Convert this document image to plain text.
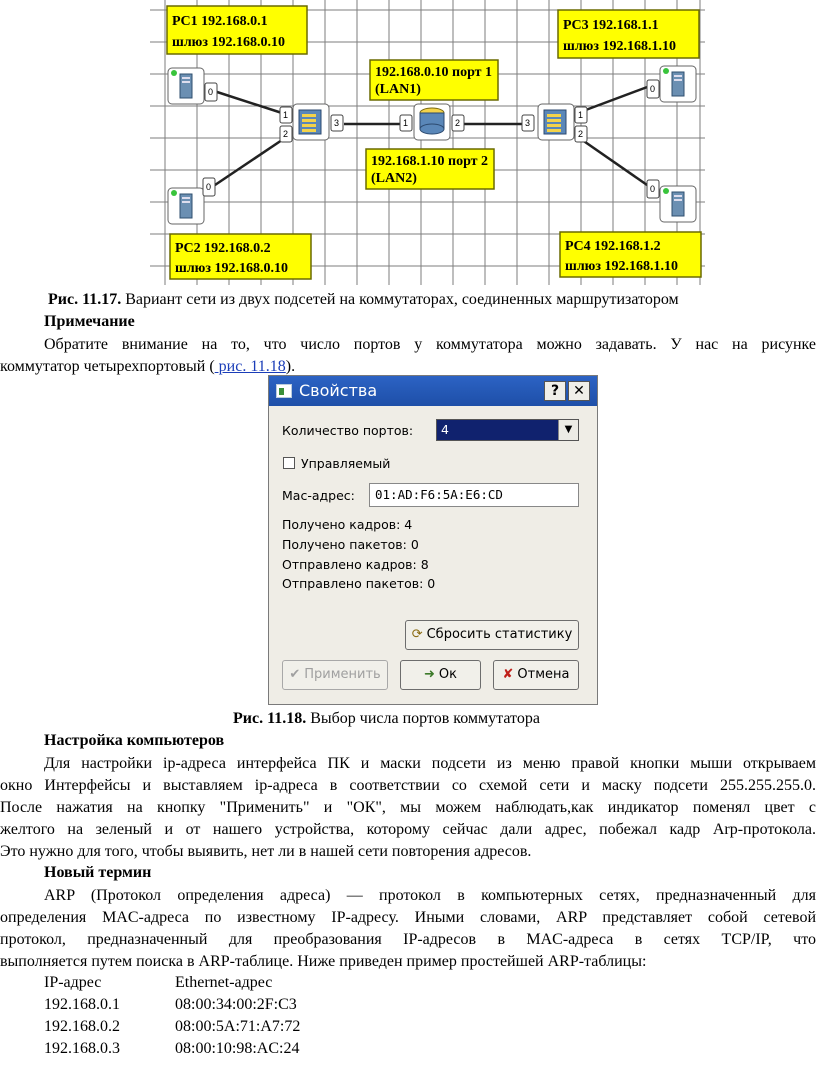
PC1 192.168.0.1
шлюз 192.168.0.10
PC3 192.168.1.1
шлюз 192.168.1.10
192.168.0.10 порт 1
(LAN1)
192.168.1.10 порт 2
(LAN2)
PC2 192.168.0.2
шлюз 192.168.0.10
PC4 192.168.1.2
шлюз 192.168.1.10
0
0
0
0
1
2
3	1	2	3
1
2
Рис. 11.17. Вариант сети из двух подсетей на коммутаторах, соединенных маршрутизатором
Примечание
Обратите внимание на то, что число портов у коммутатора можно задавать. У нас на рисунке
коммутатор четырехпортовый ( рис. 11.18).
Свойства	?	✕
Количество портов:	4	▼
Управляемый
Mac-адрес:	01:AD:F6:5A:E6:CD
Получено кадров: 4
Получено пакетов: 0
Отправлено кадров: 8
Отправлено пакетов: 0
⟳ Сбросить статистику
✔ Применить	➜ Ок	✘ Отмена
Рис. 11.18. Выбор числа портов коммутатора
Настройка компьютеров
Для настройки ip-адреса интерфейса ПК и маски подсети из меню правой кнопки мыши открываем
окно Интерфейсы и выставляем ip-адреса в соответствии со схемой сети и маску подсети 255.255.255.0.
После нажатия на кнопку "Применить" и "ОК", мы можем наблюдать,как индикатор поменял цвет с
желтого на зеленый и от нашего устройства, которому сейчас дали адрес, побежал кадр Arp-протокола.
Это нужно для того, чтобы выявить, нет ли в нашей сети повторения адресов.
Новый термин
ARP (Протокол определения адреса) — протокол в компьютерных сетях, предназначенный для
определения MAC-адреса по известному IP-адресу. Иными словами, ARP представляет собой сетевой
протокол, предназначенный для преобразования IP-адресов в MAC-адреса в сетях TCP/IP, что
выполняется путем поиска в ARP-таблице. Ниже приведен пример простейшей ARP-таблицы:
IP-адрес	Ethernet-адрес
192.168.0.1	08:00:34:00:2F:C3
192.168.0.2	08:00:5A:71:A7:72
192.168.0.3	08:00:10:98:AC:24
